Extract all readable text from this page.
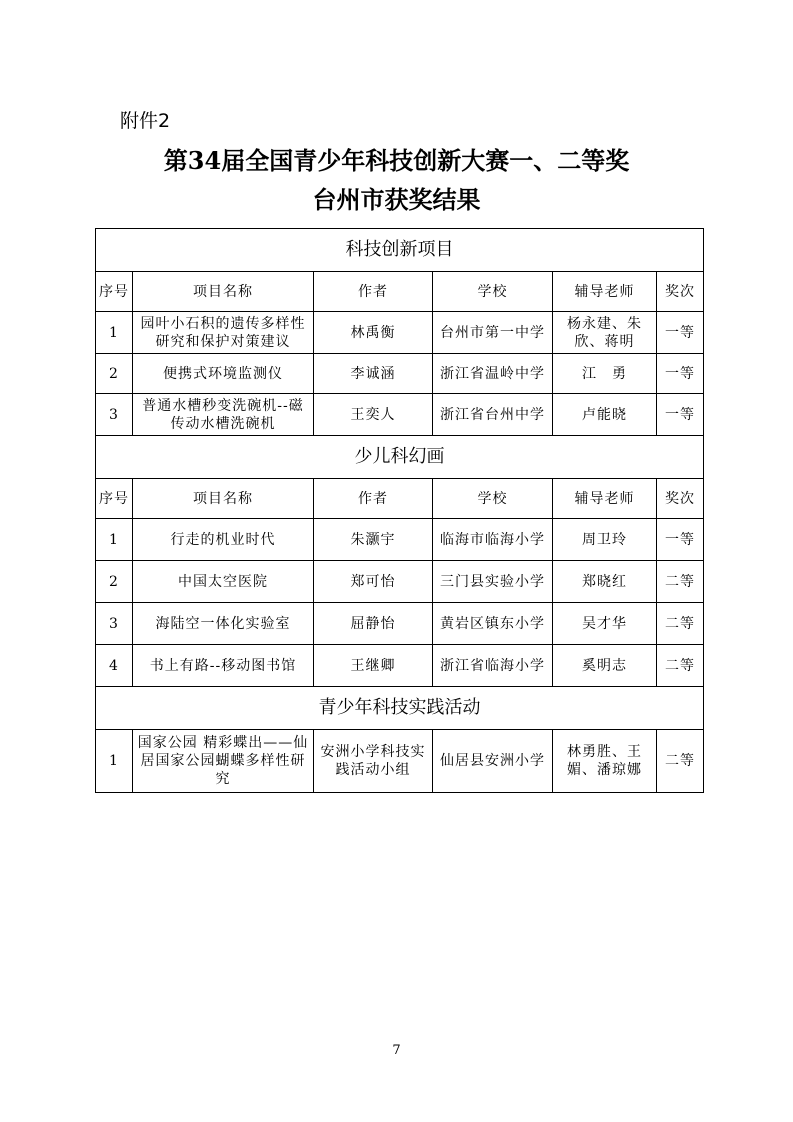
附件2
第34届全国青少年科技创新大赛一、二等奖
台州市获奖结果
科技创新项目					
序号	项目名称	作者	学校	辅导老师	奖次
1	园叶小石积的遗传多样性研究和保护对策建议	林禹衡	台州市第一中学	杨永建、朱欣、蒋明	一等
2	便携式环境监测仪	李诚涵	浙江省温岭中学	江　勇	一等
3	普通水槽秒变洗碗机--磁传动水槽洗碗机	王奕人	浙江省台州中学	卢能晓	一等
少儿科幻画					
序号	项目名称	作者	学校	辅导老师	奖次
1	行走的机业时代	朱灏宇	临海市临海小学	周卫玲	一等
2	中国太空医院	郑可怡	三门县实验小学	郑晓红	二等
3	海陆空一体化实验室	屈静怡	黄岩区镇东小学	吴才华	二等
4	书上有路--移动图书馆	王继卿	浙江省临海小学	奚明志	二等
青少年科技实践活动					
1	国家公园 精彩蝶出——仙居国家公园蝴蝶多样性研究	安洲小学科技实践活动小组	仙居县安洲小学	林勇胜、王媚、潘琼娜	二等
7
